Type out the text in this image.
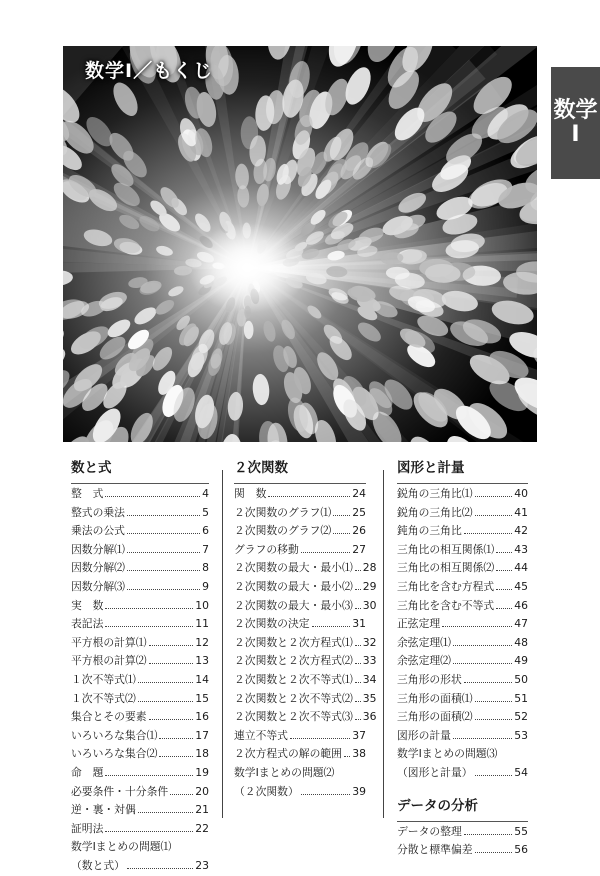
数学
Ⅰ
数学Ⅰ／もくじ
数と式
整　式	4
整式の乗法	5
乗法の公式	6
因数分解⑴	7
因数分解⑵	8
因数分解⑶	9
実　数	10
表記法	11
平方根の計算⑴	12
平方根の計算⑵	13
１次不等式⑴	14
１次不等式⑵	15
集合とその要素	16
いろいろな集合⑴	17
いろいろな集合⑵	18
命　題	19
必要条件・十分条件	20
逆・裏・対偶	21
証明法	22
数学Ⅰまとめの問題⑴
（数と式）	23
２次関数
関　数	24
２次関数のグラフ⑴ 25
２次関数のグラフ⑵ 26
グラフの移動	27
２次関数の最大・最小⑴ 28
２次関数の最大・最小⑵ 29
２次関数の最大・最小⑶ 30
２次関数の決定	31
２次関数と２次方程式⑴ 32
２次関数と２次方程式⑵ 33
２次関数と２次不等式⑴ 34
２次関数と２次不等式⑵ 35
２次関数と２次不等式⑶ 36
連立不等式	37
２次方程式の解の範囲 38
数学Ⅰまとめの問題⑵
（２次関数）	39
図形と計量
鋭角の三角比⑴	40
鋭角の三角比⑵	41
鈍角の三角比	42
三角比の相互関係⑴ 43
三角比の相互関係⑵ 44
三角比を含む方程式 45
三角比を含む不等式 46
正弦定理	47
余弦定理⑴	48
余弦定理⑵	49
三角形の形状	50
三角形の面積⑴	51
三角形の面積⑵	52
図形の計量	53
数学Ⅰまとめの問題⑶
（図形と計量）	54
データの分析
データの整理	55
分散と標準偏差	56
